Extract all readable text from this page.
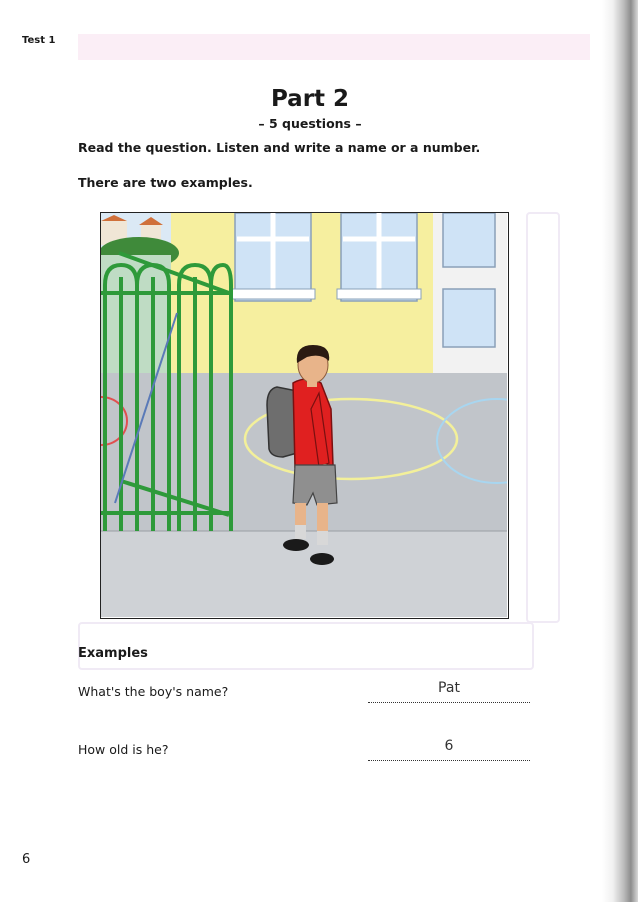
Test 1
Part 2
– 5 questions –
Read the question. Listen and write a name or a number.
There are two examples.
Examples
What's the boy's name?	Pat
How old is he?	6
6
